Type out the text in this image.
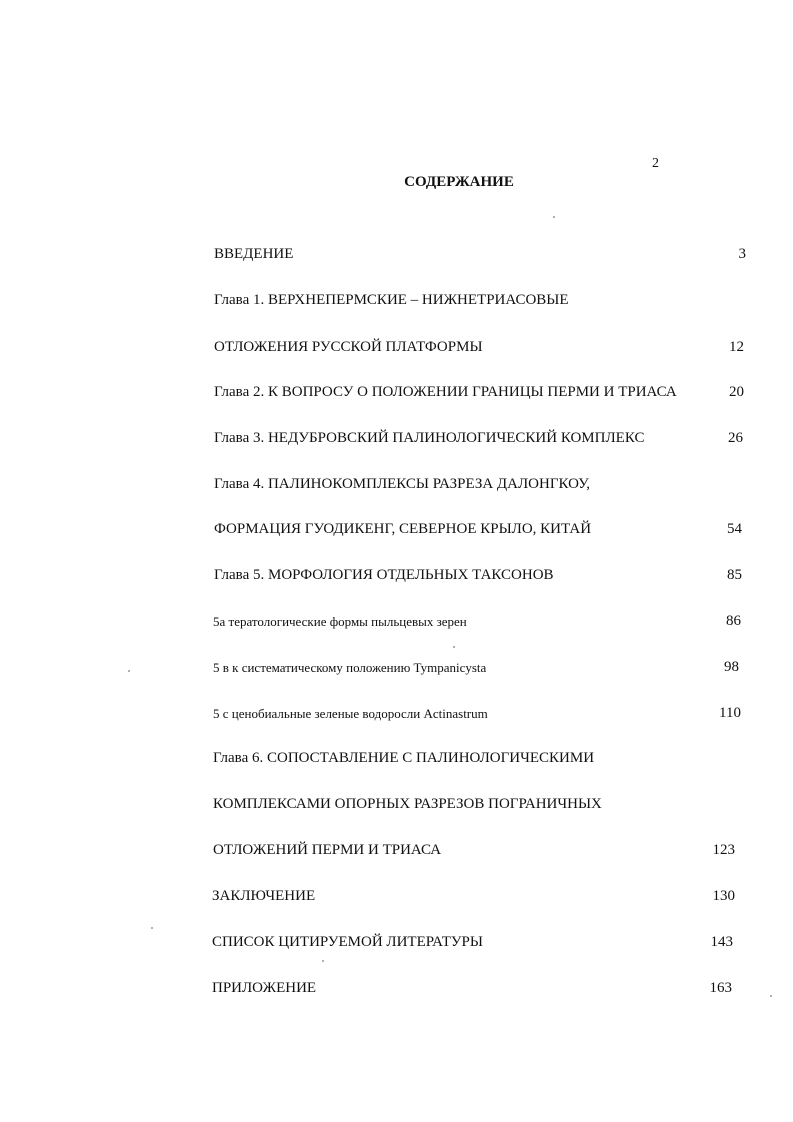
2
СОДЕРЖАНИЕ
ВВЕДЕНИЕ	3
Глава 1. ВЕРХНЕПЕРМСКИЕ – НИЖНЕТРИАСОВЫЕ
ОТЛОЖЕНИЯ РУССКОЙ ПЛАТФОРМЫ	12
Глава 2. К ВОПРОСУ О ПОЛОЖЕНИИ ГРАНИЦЫ ПЕРМИ И ТРИАСА	20
Глава 3. НЕДУБРОВСКИЙ ПАЛИНОЛОГИЧЕСКИЙ КОМПЛЕКС	26
Глава 4. ПАЛИНОКОМПЛЕКСЫ РАЗРЕЗА ДАЛОНГКОУ,
ФОРМАЦИЯ ГУОДИКЕНГ, СЕВЕРНОЕ КРЫЛО, КИТАЙ	54
Глава 5. МОРФОЛОГИЯ ОТДЕЛЬНЫХ ТАКСОНОВ	85
5а тератологические формы пыльцевых зерен	86
5 в к систематическому положению Tympanicysta	98
5 с ценобиальные зеленые водоросли Actinastrum	110
Глава 6. СОПОСТАВЛЕНИЕ С ПАЛИНОЛОГИЧЕСКИМИ
КОМПЛЕКСАМИ ОПОРНЫХ РАЗРЕЗОВ ПОГРАНИЧНЫХ
ОТЛОЖЕНИЙ ПЕРМИ И ТРИАСА	123
ЗАКЛЮЧЕНИЕ	130
СПИСОК ЦИТИРУЕМОЙ ЛИТЕРАТУРЫ	143
ПРИЛОЖЕНИЕ	163
